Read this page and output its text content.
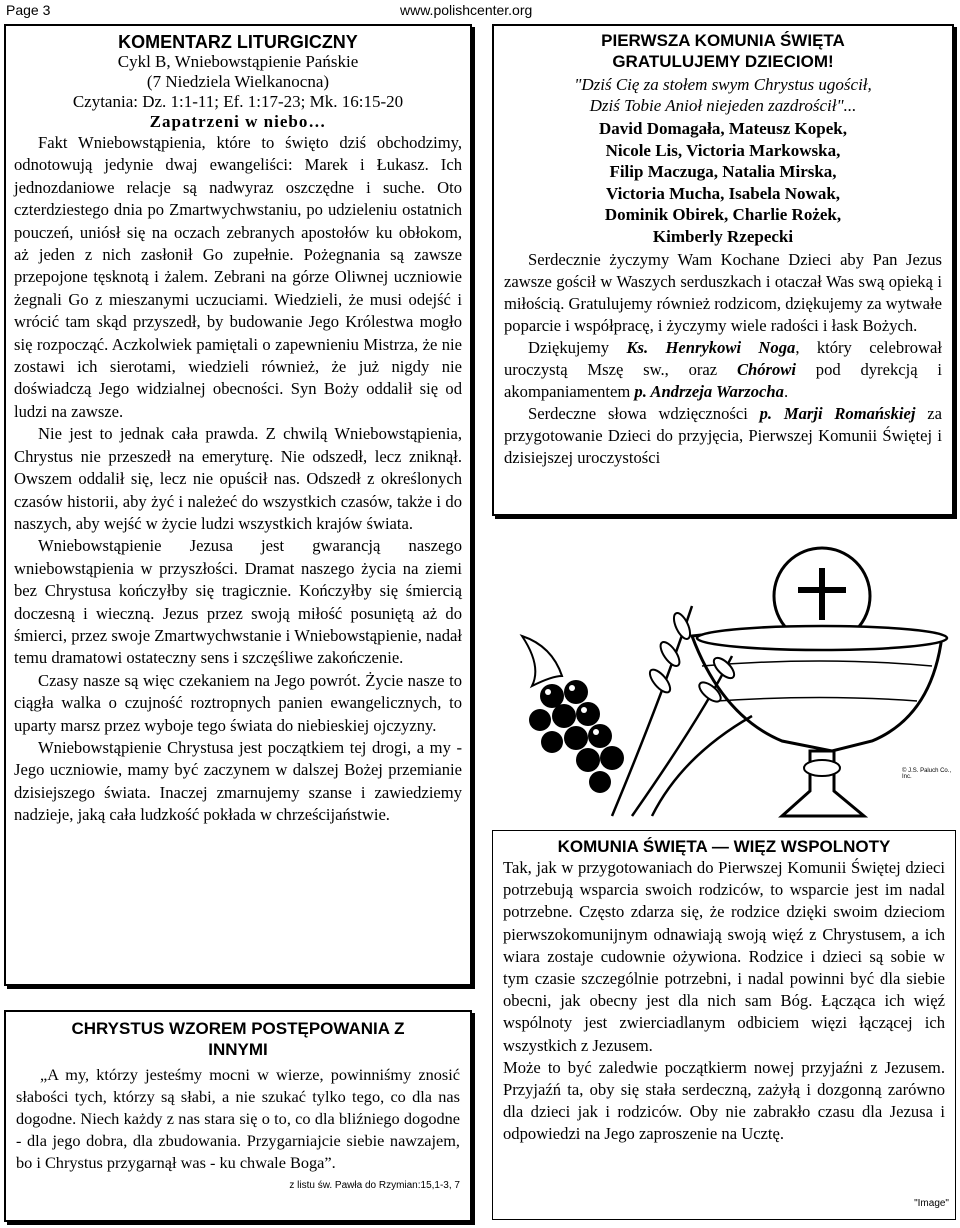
Page 3	www.polishcenter.org
KOMENTARZ LITURGICZNY
Cykl B, Wniebowstąpienie Pańskie
(7 Niedziela Wielkanocna)
Czytania: Dz. 1:1-11; Ef. 1:17-23; Mk. 16:15-20
Zapatrzeni w niebo…

Fakt Wniebowstąpienia, które to święto dziś obchodzimy, odnotowują jedynie dwaj ewangeliści: Marek i Łukasz. Ich jednozdaniowe relacje są nadwyraz oszczędne i suche. Oto czterdziestego dnia po Zmartwychwstaniu, po udzieleniu ostatnich pouczeń, uniósł się na oczach zebranych apostołów ku obłokom, aż jeden z nich zasłonił Go zupełnie. Pożegnania są zawsze przepojone tęsknotą i żalem. Zebrani na górze Oliwnej uczniowie żegnali Go z mieszanymi uczuciami. Wiedzieli, że musi odejść i wrócić tam skąd przyszedł, by budowanie Jego Królestwa mogło się rozpocząć. Aczkolwiek pamiętali o zapewnieniu Mistrza, że nie zostawi ich sierotami, wiedzieli również, że już nigdy nie doświadczą Jego widzialnej obecności. Syn Boży oddalił się od ludzi na zawsze.

Nie jest to jednak cała prawda. Z chwilą Wniebowstąpienia, Chrystus nie przeszedł na emeryturę. Nie odszedł, lecz zniknął. Owszem oddalił się, lecz nie opuścił nas. Odszedł z określonych czasów historii, aby żyć i należeć do wszystkich czasów, także i do naszych, aby wejść w życie ludzi wszystkich krajów świata.

Wniebowstąpienie Jezusa jest gwarancją naszego wniebowstąpienia w przyszłości. Dramat naszego życia na ziemi bez Chrystusa kończyłby się tragicznie. Kończyłby się śmiercią doczesną i wieczną. Jezus przez swoją miłość posuniętą aż do śmierci, przez swoje Zmartwychwstanie i Wniebowstąpienie, nadał temu dramatowi ostateczny sens i szczęśliwe zakończenie.

Czasy nasze są więc czekaniem na Jego powrót. Życie nasze to ciągła walka o czujność roztropnych panien ewangelicznych, to uparty marsz przez wyboje tego świata do niebieskiej ojczyzny.

Wniebowstąpienie Chrystusa jest początkiem tej drogi, a my - Jego uczniowie, mamy być zaczynem w dalszej Bożej przemianie dzisiejszego świata. Inaczej zmarnujemy szanse i zawiedziemy nadzieje, jaką cała ludzkość pokłada w chrześcijaństwie.

CHRYSTUS WZOREM POSTĘPOWANIA Z INNYMI

„A my, którzy jesteśmy mocni w wierze, powinniśmy znosić słabości tych, którzy są słabi, a nie szukać tylko tego, co dla nas dogodne. Niech każdy z nas stara się o to, co dla bliźniego dogodne - dla jego dobra, dla zbudowania. Przygarniajcie siebie nawzajem, bo i Chrystus przygarnął was - ku chwale Boga”.

z listu św. Pawła do Rzymian:15,1-3, 7
PIERWSZA KOMUNIA ŚWIĘTA
GRATULUJEMY DZIECIOM!
"Dziś Cię za stołem swym Chrystus ugościł,
Dziś Tobie Anioł niejeden zazdrościł"...
David Domagała, Mateusz Kopek,
Nicole Lis, Victoria Markowska,
Filip Maczuga, Natalia Mirska,
Victoria Mucha, Isabela Nowak,
Dominik Obirek, Charlie Rożek,
Kimberly Rzepecki

Serdecznie życzymy Wam Kochane Dzieci aby Pan Jezus zawsze gościł w Waszych serduszkach i otaczał Was swą opieką i miłością. Gratulujemy również rodzicom, dziękujemy za wytwałe poparcie i współpracę, i życzymy wiele radości i łask Bożych.

Dziękujemy Ks. Henrykowi Noga, który celebrował uroczystą Mszę sw., oraz Chórowi pod dyrekcją i akompaniamentem p. Andrzeja Warzocha.

Serdeczne słowa wdzięczności p. Marji Romańskiej za przygotowanie Dzieci do przyjęcia, Pierwszej Komunii Świętej i dzisiejszej uroczystości

© J.S. Paluch Co., Inc.
KOMUNIA ŚWIĘTA — WIĘZ WSPOLNOTY

Tak, jak w przygotowaniach do Pierwszej Komunii Świętej dzieci potrzebują wsparcia swoich rodziców, to wsparcie jest im nadal potrzebne. Często zdarza się, że rodzice dzięki swoim dzieciom pierwszokomunijnym odnawiają swoją więź z Chrystusem, a ich wiara zostaje cudownie ożywiona. Rodzice i dzieci są sobie w tym czasie szczególnie potrzebni, i nadal powinni być dla siebie obecni, jak obecny jest dla nich sam Bóg. Łącząca ich więź wspólnoty jest zwierciadlanym odbiciem więzi łączącej ich wszystkich z Jezusem.

Może to być zaledwie początkierm nowej przyjaźni z Jezusem. Przyjaźń ta, oby się stała serdeczną, zażyłą i dozgonną zarówno dla dzieci jak i rodziców. Oby nie zabrakło czasu dla Jezusa i odpowiedzi na Jego zaproszenie na Ucztę.

"Image"
